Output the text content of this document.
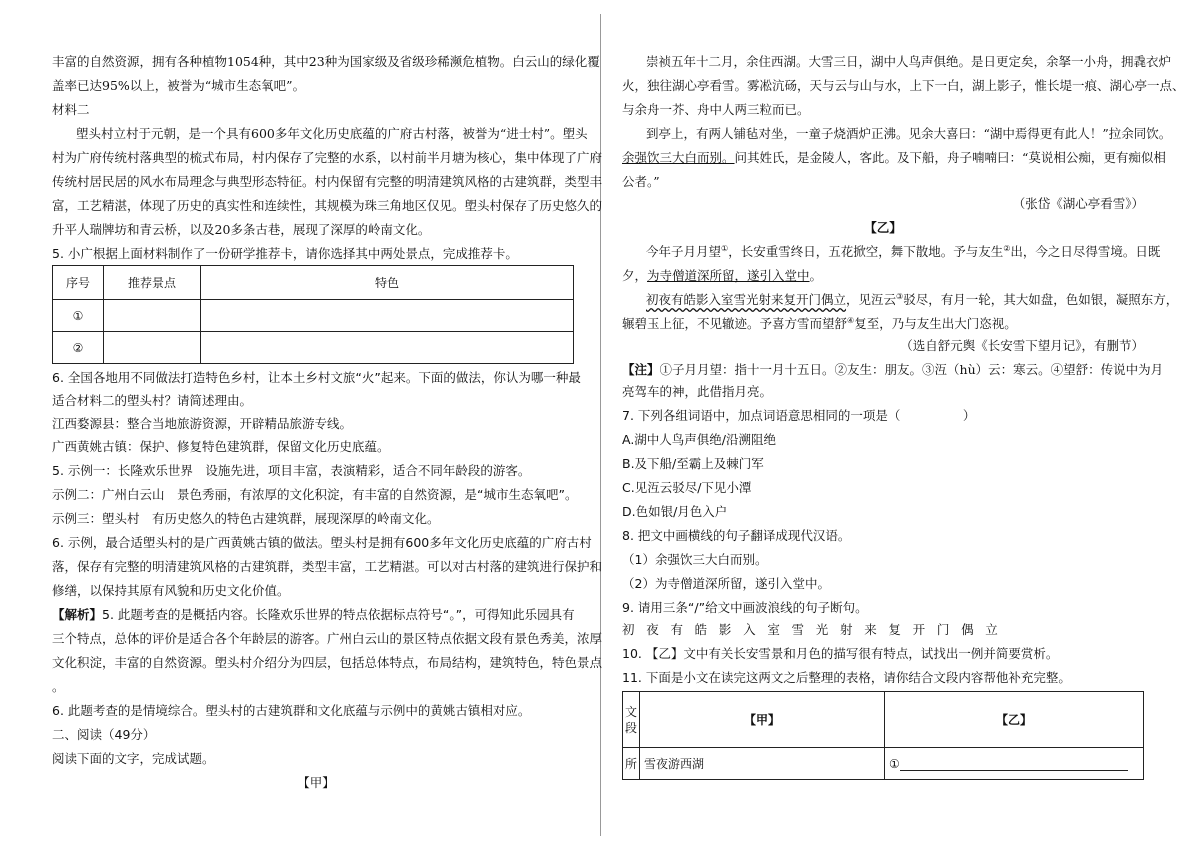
丰富的自然资源，拥有各种植物1054种，其中23种为国家级及省级珍稀濒危植物。白云山的绿化覆
盖率已达95%以上，被誉为“城市生态氧吧”。
材料二
塱头村立村于元朝，是一个具有600多年文化历史底蕴的广府古村落，被誉为“进士村”。塱头
村为广府传统村落典型的梳式布局，村内保存了完整的水系，以村前半月塘为核心，集中体现了广府
传统村居民居的风水布局理念与典型形态特征。村内保留有完整的明清建筑风格的古建筑群，类型丰
富，工艺精湛，体现了历史的真实性和连续性，其规模为珠三角地区仅见。塱头村保存了历史悠久的
升平人瑞牌坊和青云桥，以及20多条古巷，展现了深厚的岭南文化。
5. 小广根据上面材料制作了一份研学推荐卡，请你选择其中两处景点，完成推荐卡。
序号	推荐景点	特色
①		
②		
6. 全国各地用不同做法打造特色乡村，让本土乡村文旅“火”起来。下面的做法，你认为哪一种最
适合材料二的塱头村？请简述理由。
江西婺源县：整合当地旅游资源，开辟精品旅游专线。
广西黄姚古镇：保护、修复特色建筑群，保留文化历史底蕴。
5. 示例一：长隆欢乐世界　设施先进，项目丰富，表演精彩，适合不同年龄段的游客。
示例二：广州白云山　景色秀丽，有浓厚的文化积淀，有丰富的自然资源，是“城市生态氧吧”。
示例三：塱头村　有历史悠久的特色古建筑群，展现深厚的岭南文化。
6. 示例，最合适塱头村的是广西黄姚古镇的做法。塱头村是拥有600多年文化历史底蕴的广府古村
落，保存有完整的明清建筑风格的古建筑群，类型丰富，工艺精湛。可以对古村落的建筑进行保护和
修缮，以保持其原有风貌和历史文化价值。
【解析】5. 此题考查的是概括内容。长隆欢乐世界的特点依据标点符号“。”，可得知此乐园具有
三个特点，总体的评价是适合各个年龄层的游客。广州白云山的景区特点依据文段有景色秀美，浓厚
文化积淀，丰富的自然资源。塱头村介绍分为四层，包括总体特点，布局结构，建筑特色，特色景点
。
6. 此题考查的是情境综合。塱头村的古建筑群和文化底蕴与示例中的黄姚古镇相对应。
二、阅读（49分）
阅读下面的文字，完成试题。
【甲】
崇祯五年十二月，余住西湖。大雪三日，湖中人鸟声俱绝。是日更定矣，余拏一小舟，拥毳衣炉
火，独往湖心亭看雪。雾凇沆砀，天与云与山与水，上下一白，湖上影子，惟长堤一痕、湖心亭一点、
与余舟一芥、舟中人两三粒而已。
到亭上，有两人铺毡对坐，一童子烧酒炉正沸。见余大喜曰：“湖中焉得更有此人！”拉余同饮。
余强饮三大白而别。问其姓氏，是金陵人，客此。及下船，舟子喃喃曰：“莫说相公痴，更有痴似相
公者。”
（张岱《湖心亭看雪》）
【乙】
今年子月月望①，长安重雪终日，五花掀空，舞下散地。予与友生②出，今之日尽得雪境。日既
夕，为寺僧道深所留，遂引入堂中。
初夜有皓影入室雪光射来复开门偶立，见沍云③驳尽，有月一轮，其大如盘，色如银，凝照东方，
辗碧玉上征，不见辙迹。予喜方雪而望舒④复至，乃与友生出大门恣视。
（选自舒元舆《长安雪下望月记》，有删节）
【注】①子月月望：指十一月十五日。②友生：朋友。③沍（hù）云：寒云。④望舒：传说中为月
亮驾车的神，此借指月亮。
7. 下列各组词语中，加点词语意思相同的一项是（　　　　　）
A.湖中人鸟声俱绝/沿溯阻绝
B.及下船/至霸上及棘门军
C.见沍云驳尽/下见小潭
D.色如银/月色入户
8. 把文中画横线的句子翻译成现代汉语。
（1）余强饮三大白而别。
（2）为寺僧道深所留，遂引入堂中。
9. 请用三条“/”给文中画波浪线的句子断句。
初 夜 有 皓 影 入 室 雪 光 射 来 复 开 门 偶 立
10. 【乙】文中有关长安雪景和月色的描写很有特点，试找出一例并简要赏析。
11. 下面是小文在读完这两文之后整理的表格，请你结合文段内容帮他补充完整。
文段	【甲】	【乙】
所	雪夜游西湖	①
